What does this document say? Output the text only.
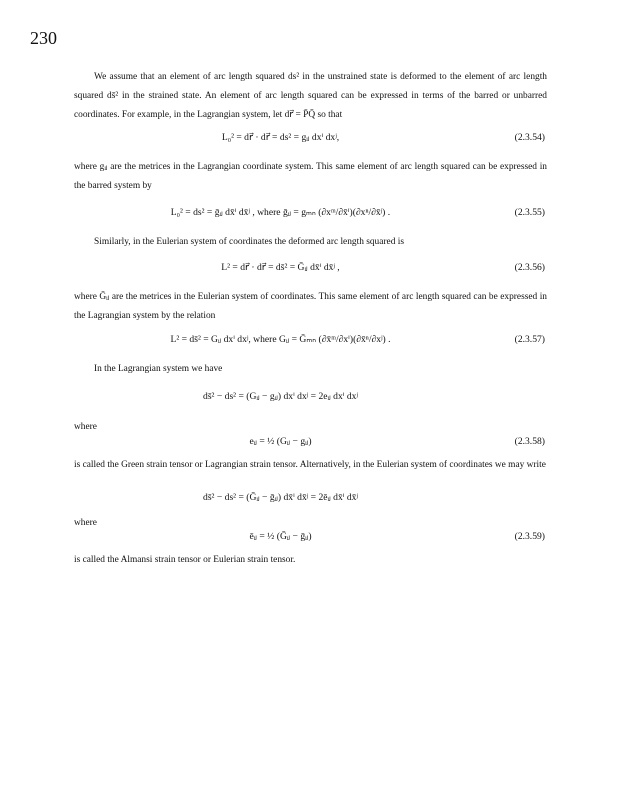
230
We assume that an element of arc length squared ds² in the unstrained state is deformed to the element of arc length squared ds̄² in the strained state. An element of arc length squared can be expressed in terms of the barred or unbarred coordinates. For example, in the Lagrangian system, let dr⃗ = P̄Q̄ so that
L₀² = dr⃗ · dr⃗ = ds² = gᵢⱼ dxⁱ dxʲ,	(2.3.54)
where gᵢⱼ are the metrices in the Lagrangian coordinate system. This same element of arc length squared can be expressed in the barred system by
L₀² = ds² = ḡᵢⱼ dx̄ⁱ dx̄ʲ , where ḡᵢⱼ = gₘₙ (∂xᵐ/∂x̄ⁱ)(∂xⁿ/∂x̄ʲ) .	(2.3.55)
Similarly, in the Eulerian system of coordinates the deformed arc length squared is
L² = dr⃗ · dr⃗ = ds̄² = Ḡᵢⱼ dx̄ⁱ dx̄ʲ ,	(2.3.56)
where Ḡᵢⱼ are the metrices in the Eulerian system of coordinates. This same element of arc length squared can be expressed in the Lagrangian system by the relation
L² = ds̄² = Gᵢⱼ dxⁱ dxʲ, where Gᵢⱼ = Ḡₘₙ (∂x̄ᵐ/∂xⁱ)(∂x̄ⁿ/∂xʲ) .	(2.3.57)
In the Lagrangian system we have
ds̄² − ds² = (Gᵢⱼ − gᵢⱼ) dxⁱ dxʲ = 2eᵢⱼ dxⁱ dxʲ
where
eᵢⱼ = ½ (Gᵢⱼ − gᵢⱼ)	(2.3.58)
is called the Green strain tensor or Lagrangian strain tensor. Alternatively, in the Eulerian system of coordinates we may write
ds̄² − ds² = (Ḡᵢⱼ − ḡᵢⱼ) dx̄ⁱ dx̄ʲ = 2ēᵢⱼ dx̄ⁱ dx̄ʲ
where
ēᵢⱼ = ½ (Ḡᵢⱼ − ḡᵢⱼ)	(2.3.59)
is called the Almansi strain tensor or Eulerian strain tensor.
